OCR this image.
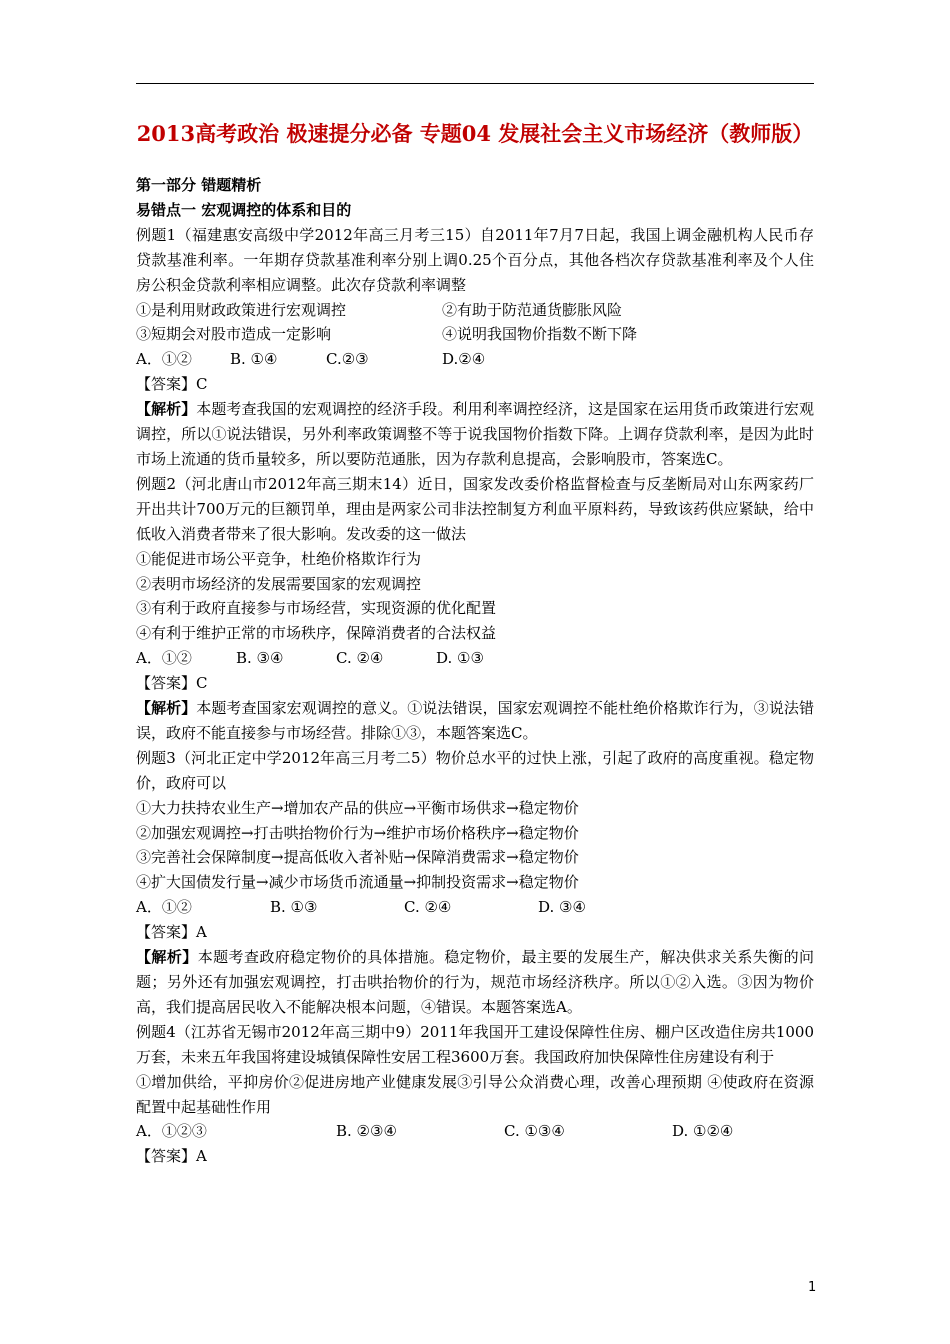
2013高考政治 极速提分必备 专题04 发展社会主义市场经济（教师版）

第一部分 错题精析

易错点一 宏观调控的体系和目的

例题1（福建惠安高级中学2012年高三月考三15）自2011年7月7日起，我国上调金融机构人民币存贷款基准利率。一年期存贷款基准利率分别上调0.25个百分点，其他各档次存贷款基准利率及个人住房公积金贷款利率相应调整。此次存贷款利率调整

①是利用财政政策进行宏观调控	②有助于防范通货膨胀风险

③短期会对股市造成一定影响	④说明我国物价指数不断下降

A．①②	B. ①④	C.②③	D.②④

【答案】C

【解析】本题考查我国的宏观调控的经济手段。利用利率调控经济，这是国家在运用货币政策进行宏观调控，所以①说法错误，另外利率政策调整不等于说我国物价指数下降。上调存贷款利率，是因为此时市场上流通的货币量较多，所以要防范通胀，因为存款利息提高，会影响股市，答案选C。

例题2（河北唐山市2012年高三期末14）近日，国家发改委价格监督检查与反垄断局对山东两家药厂开出共计700万元的巨额罚单，理由是两家公司非法控制复方利血平原料药，导致该药供应紧缺，给中低收入消费者带来了很大影响。发改委的这一做法

①能促进市场公平竞争，杜绝价格欺诈行为

②表明市场经济的发展需要国家的宏观调控

③有利于政府直接参与市场经营，实现资源的优化配置

④有利于维护正常的市场秩序，保障消费者的合法权益

A．①②	B. ③④	C. ②④	D. ①③

【答案】C

【解析】本题考查国家宏观调控的意义。①说法错误，国家宏观调控不能杜绝价格欺诈行为，③说法错误，政府不能直接参与市场经营。排除①③，本题答案选C。

例题3（河北正定中学2012年高三月考二5）物价总水平的过快上涨，引起了政府的高度重视。稳定物价，政府可以

①大力扶持农业生产→增加农产品的供应→平衡市场供求→稳定物价

②加强宏观调控→打击哄抬物价行为→维护市场价格秩序→稳定物价

③完善社会保障制度→提高低收入者补贴→保障消费需求→稳定物价

④扩大国债发行量→减少市场货币流通量→抑制投资需求→稳定物价

A．①②	B. ①③	C. ②④	D. ③④

【答案】A

【解析】本题考查政府稳定物价的具体措施。稳定物价，最主要的发展生产，解决供求关系失衡的问题；另外还有加强宏观调控，打击哄抬物价的行为，规范市场经济秩序。所以①②入选。③因为物价高，我们提高居民收入不能解决根本问题，④错误。本题答案选A。

例题4（江苏省无锡市2012年高三期中9）2011年我国开工建设保障性住房、棚户区改造住房共1000万套，未来五年我国将建设城镇保障性安居工程3600万套。我国政府加快保障性住房建设有利于

①增加供给，平抑房价②促进房地产业健康发展③引导公众消费心理，改善心理预期 ④使政府在资源配置中起基础性作用

A．①②③	B. ②③④	C. ①③④	D. ①②④

【答案】A

1
